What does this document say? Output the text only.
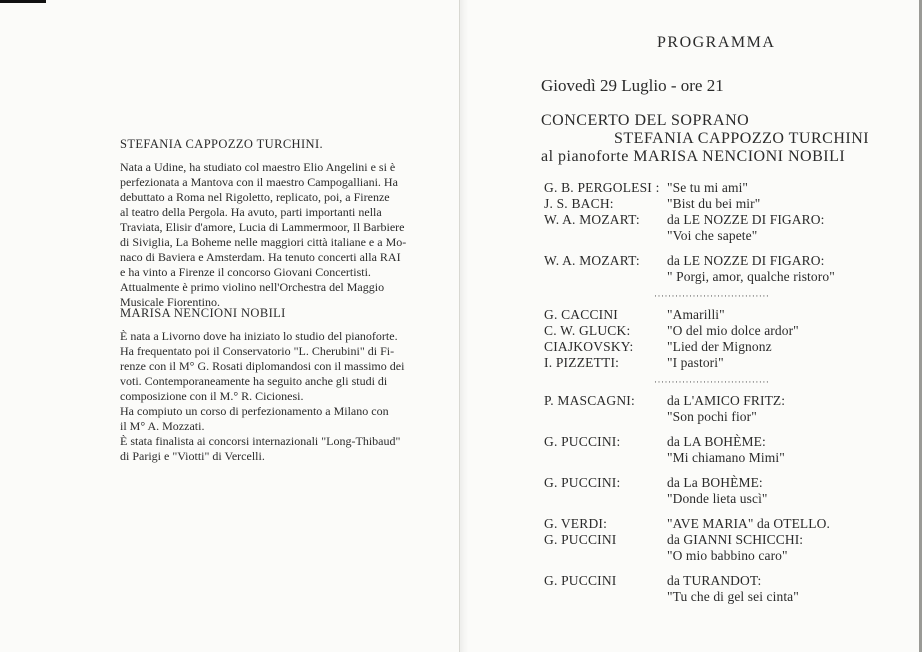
STEFANIA CAPPOZZO TURCHINI.
Nata a Udine, ha studiato col maestro Elio Angelini e si è
perfezionata a Mantova con il maestro Campogalliani. Ha
debuttato a Roma nel Rigoletto, replicato, poi, a Firenze
al teatro della Pergola. Ha avuto, parti importanti nella
Traviata, Elisir d'amore, Lucia di Lammermoor, Il Barbiere
di Siviglia, La Boheme nelle maggiori città italiane e a Mo-
naco di Baviera e Amsterdam. Ha tenuto concerti alla RAI
e ha vinto a Firenze il concorso Giovani Concertisti.
Attualmente è primo violino nell'Orchestra del Maggio
Musicale Fiorentino.
MARISA NENCIONI NOBILI
È nata a Livorno dove ha iniziato lo studio del pianoforte.
Ha frequentato poi il Conservatorio "L. Cherubini" di Fi-
renze con il M° G. Rosati diplomandosi con il massimo dei
voti. Contemporaneamente ha seguito anche gli studi di
composizione con il M.° R. Cicionesi.
Ha compiuto un corso di perfezionamento a Milano con
il M° A. Mozzati.
È stata finalista ai concorsi internazionali "Long-Thibaud"
di Parigi e "Viotti" di Vercelli.
PROGRAMMA
Giovedì 29 Luglio - ore 21
CONCERTO DEL SOPRANO
STEFANIA CAPPOZZO TURCHINI
al pianoforte MARISA NENCIONI NOBILI
G. B. PERGOLESI : "Se tu mi ami"
J. S. BACH:	"Bist du bei mir"
W. A. MOZART:	da LE NOZZE DI FIGARO:
"Voi che sapete"
W. A. MOZART:	da LE NOZZE DI FIGARO:
" Porgi, amor, qualche ristoro"
·································
G. CACCINI	"Amarilli"
C. W. GLUCK:	"O del mio dolce ardor"
CIAJKOVSKY:	"Lied der Mignonz
I. PIZZETTI:	"I pastori"
·································
P. MASCAGNI:	da L'AMICO FRITZ:
"Son pochi fior"
G. PUCCINI:	da LA BOHÈME:
"Mi chiamano Mimi"
G. PUCCINI:	da La BOHÈME:
"Donde lieta uscì"
G. VERDI:	"AVE MARIA" da OTELLO.
G. PUCCINI	da GIANNI SCHICCHI:
"O mio babbino caro"
G. PUCCINI	da TURANDOT:
"Tu che di gel sei cinta"
